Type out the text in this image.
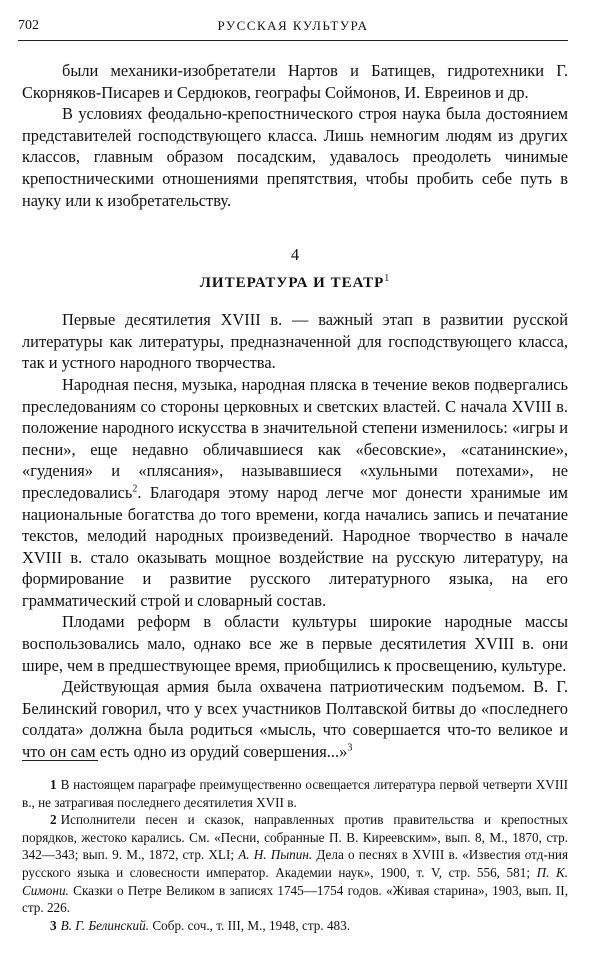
702	РУССКАЯ КУЛЬТУРА

были механики-изобретатели Нартов и Батищев, гидротехники Г. Скорняков-Писарев и Сердюков, географы Соймонов, И. Евреинов и др.

В условиях феодально-крепостнического строя наука была достоянием представителей господствующего класса. Лишь немногим людям из других классов, главным образом посадским, удавалось преодолеть чинимые крепостническими отношениями препятствия, чтобы пробить себе путь в науку или к изобретательству.

4
ЛИТЕРАТУРА И ТЕАТР$^1$

Первые десятилетия XVIII в. — важный этап в развитии русской литературы как литературы, предназначенной для господствующего класса, так и устного народного творчества.

Народная песня, музыка, народная пляска в течение веков подвергались преследованиям со стороны церковных и светских властей. С начала XVIII в. положение народного искусства в значительной степени изменилось: «игры и песни», еще недавно обличавшиеся как «бесовские», «сатанинские», «гудения» и «плясания», называвшиеся «хульными потехами», не преследовались$^2$. Благодаря этому народ легче мог донести хранимые им национальные богатства до того времени, когда начались запись и печатание текстов, мелодий народных произведений. Народное творчество в начале XVIII в. стало оказывать мощное воздействие на русскую литературу, на формирование и развитие русского литературного языка, на его грамматический строй и словарный состав.

Плодами реформ в области культуры широкие народные массы воспользовались мало, однако все же в первые десятилетия XVIII в. они шире, чем в предшествующее время, приобщились к просвещению, культуре.

Действующая армия была охвачена патриотическим подъемом. В. Г. Белинский говорил, что у всех участников Полтавской битвы до «последнего солдата» должна была родиться «мысль, что совершается что-то великое и что он сам есть одно из орудий совершения...»$^3$

1 В настоящем параграфе преимущественно освещается литература первой четверти XVIII в., не затрагивая последнего десятилетия XVII в.

2 Исполнители песен и сказок, направленных против правительства и крепостных порядков, жестоко карались. См. «Песни, собранные П. В. Киреевским», вып. 8, М., 1870, стр. 342—343; вып. 9. М., 1872, стр. XLI; А. Н. Пыпин. Дела о песнях в XVIII в. «Известия отд-ния русского языка и словесности император. Академии наук», 1900, т. V, стр. 556, 581; П. К. Симони. Сказки о Петре Великом в записях 1745—1754 годов. «Живая старина», 1903, вып. II, стр. 226.

3 В. Г. Белинский. Собр. соч., т. III, М., 1948, стр. 483.
